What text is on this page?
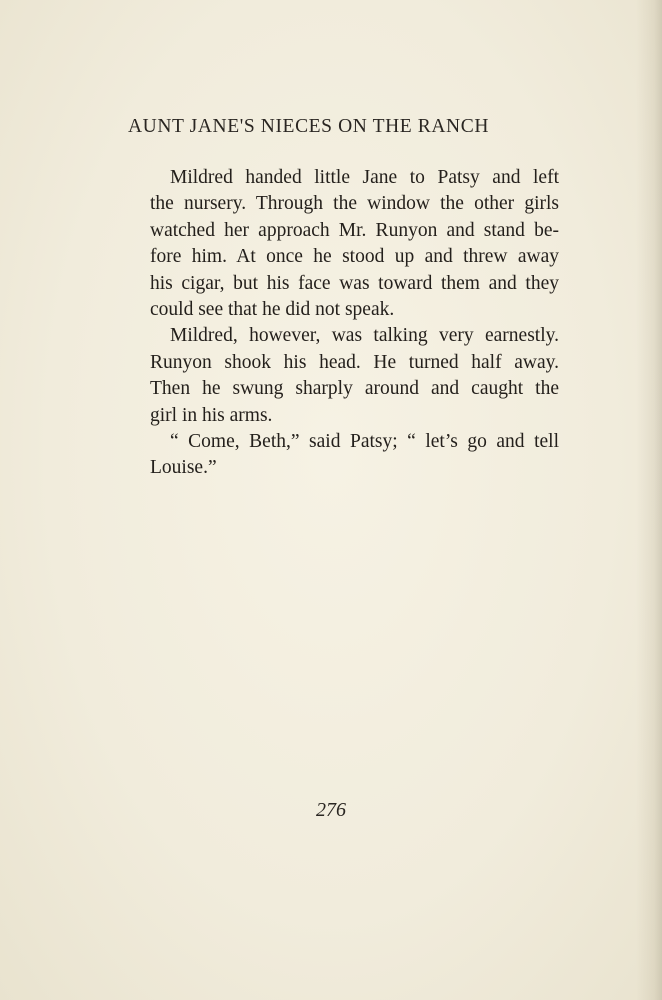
AUNT JANE'S NIECES ON THE RANCH

Mildred handed little Jane to Patsy and left
the nursery. Through the window the other girls
watched her approach Mr. Runyon and stand be-
fore him. At once he stood up and threw away
his cigar, but his face was toward them and they
could see that he did not speak.

Mildred, however, was talking very earnestly.
Runyon shook his head. He turned half away.
Then he swung sharply around and caught the
girl in his arms.

“ Come, Beth,” said Patsy; “ let’s go and tell
Louise.”

276
